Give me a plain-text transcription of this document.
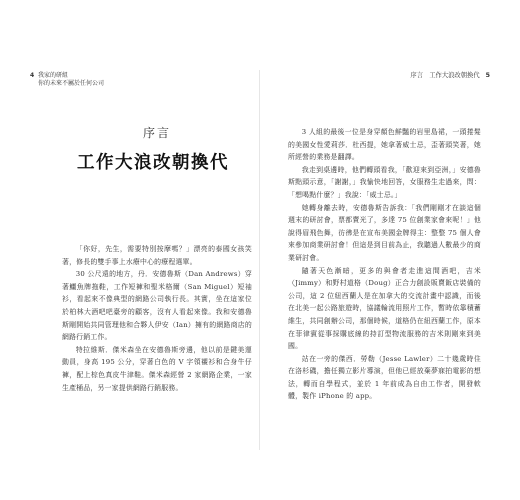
4 我家的研組
你的未來不屬於任何公司
序言　工作大浪改朝換代 5
序言
工作大浪改朝換代

「你好，先生，需要特別按摩嗎？」漂亮的泰國女孩笑著，修長的雙手事上水療中心的療程選單。

30 公尺遠的地方，丹．安德魯斯（Dan Andrews）穿著鱷魚牌拖鞋，工作短褲和聖米格爾（San Miguel）短袖衫，看起來不像典型的網路公司執行長。其實，坐在這家位於柏林大酒吧吧臺旁的顧客，沒有人看起來像。我和安德魯斯剛開始共同管理他和合夥人伊安（Ian）擁有的網路商店的網路行銷工作。

特拉維斯．傑米森坐在安德魯斯旁邊，他以前是鍵美運動員，身高 195 公分，穿著白色的 V 字領襯衫和合身牛仔褲，配上棕色真皮牛津鞋。傑米森經營 2 家網路企業，一家生產桶品，另一家提供網路行銷服務。

3 人組的最後一位是身穿顏色鮮豔的岩里島裙，一頭捲髮的美國女性愛莉莎．杜西提，她拿著威士忌，歪著頭笑著，她所經營的業務是翻譯。

我走到桌邊時，他們轉頭看我，「歡迎來到亞洲，」安德魯斯點頭示意，「謝謝，」我愉快地回答，女服務生走過來，問：「想喝點什麼？」我說：「威士忌。」

她轉身離去時，安德魯斯告訴我：「我們剛剛才在談這個週末的研討會，票都賣光了，多達 75 位創業家會來呢！」他說得眉飛色舞，彷彿是在宣布美國金牌得主：整整 75 個人會來參加商業研討會！但這是到目前為止，我聽過人數最少的商業研討會。

隨著天色漸暗，更多的與會者走進這間酒吧，吉米（Jimmy）和野村道格（Doug）正合力創設販賣飯店裝備的公司，這 2 位紐西蘭人是在加拿大的交流計畫中認識，而後在北美一起公路旅遊時，協議輪流用照片工作，暫時依靠積蓄維生，共同創辦公司，那個時候，道格仍在紐西蘭工作，原本在菲律賓從事採購底線的持訂型物流服務的吉米則剛來到美國。

站在一旁的傑西．勞勒（Jesse Lawler）二十幾歲時住在洛杉磯，擔任獨立影片導演，但他已經放棄夢寐拍電影的想法，轉而自學程式，並於 1 年前成為自由工作者，開發軟體，製作 iPhone 的 app。
